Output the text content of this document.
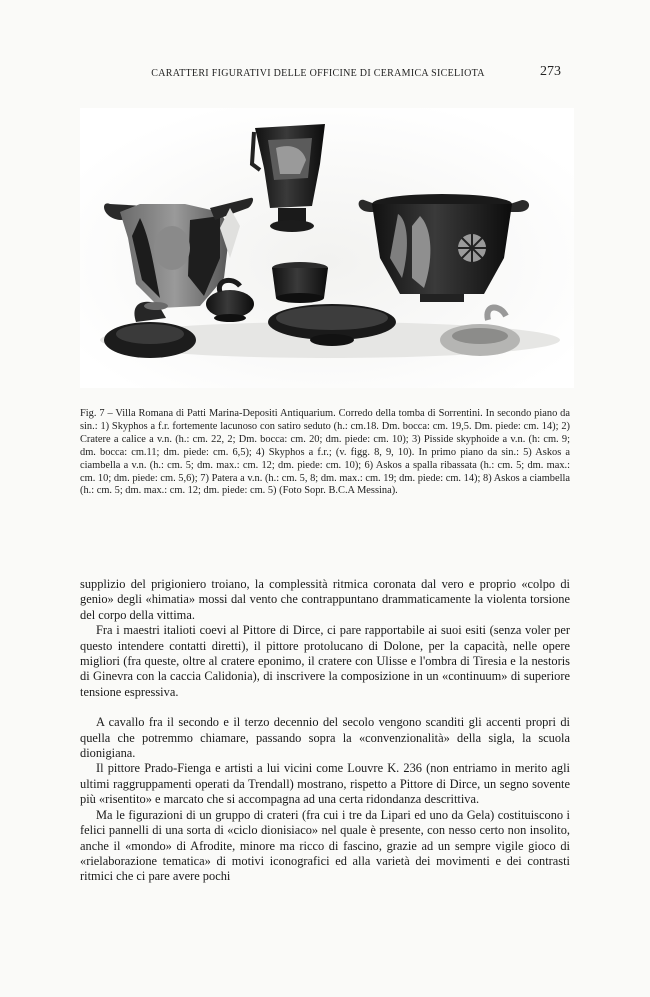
CARATTERI FIGURATIVI DELLE OFFICINE DI CERAMICA SICELIOTA	273
Fig. 7 – Villa Romana di Patti Marina-Depositi Antiquarium. Corredo della tomba di Sorrentini. In secondo piano da sin.: 1) Skyphos a f.r. fortemente lacunoso con satiro seduto (h.: cm.18. Dm. bocca: cm. 19,5. Dm. piede: cm. 14); 2) Cratere a calice a v.n. (h.: cm. 22, 2; Dm. bocca: cm. 20; dm. piede: cm. 10); 3) Pisside skyphoide a v.n. (h: cm. 9; dm. bocca: cm.11; dm. piede: cm. 6,5); 4) Skyphos a f.r.; (v. figg. 8, 9, 10). In primo piano da sin.: 5) Askos a ciambella a v.n. (h.: cm. 5; dm. max.: cm. 12; dm. piede: cm. 10); 6) Askos a spalla ribassata (h.: cm. 5; dm. max.: cm. 10; dm. piede: cm. 5,6); 7) Patera a v.n. (h.: cm. 5, 8; dm. max.: cm. 19; dm. piede: cm. 14); 8) Askos a ciambella (h.: cm. 5; dm. max.: cm. 12; dm. piede: cm. 5) (Foto Sopr. B.C.A Messina).

supplizio del prigioniero troiano, la complessità ritmica coronata dal vero e proprio «colpo di genio» degli «himatia» mossi dal vento che contrappuntano drammaticamente la violenta torsione del corpo della vittima.

Fra i maestri italioti coevi al Pittore di Dirce, ci pare rapportabile ai suoi esiti (senza voler per questo intendere contatti diretti), il pittore protolucano di Dolone, per la capacità, nelle opere migliori (fra queste, oltre al cratere eponimo, il cratere con Ulisse e l'ombra di Tiresia e la nestoris di Ginevra con la caccia Calidonia), di inscrivere la composizione in un «continuum» di superiore tensione espressiva.

A cavallo fra il secondo e il terzo decennio del secolo vengono scanditi gli accenti propri di quella che potremmo chiamare, passando sopra la «convenzionalità» della sigla, la scuola dionigiana.

Il pittore Prado-Fienga e artisti a lui vicini come Louvre K. 236 (non entriamo in merito agli ultimi raggruppamenti operati da Trendall) mostrano, rispetto a Pittore di Dirce, un segno sovente più «risentito» e marcato che si accompagna ad una certa ridondanza descrittiva.

Ma le figurazioni di un gruppo di crateri (fra cui i tre da Lipari ed uno da Gela) costituiscono i felici pannelli di una sorta di «ciclo dionisiaco» nel quale è presente, con nesso certo non insolito, anche il «mondo» di Afrodite, minore ma ricco di fascino, grazie ad un sempre vigile gioco di «rielaborazione tematica» di motivi iconografici ed alla varietà dei movimenti e dei contrasti ritmici che ci pare avere pochi
